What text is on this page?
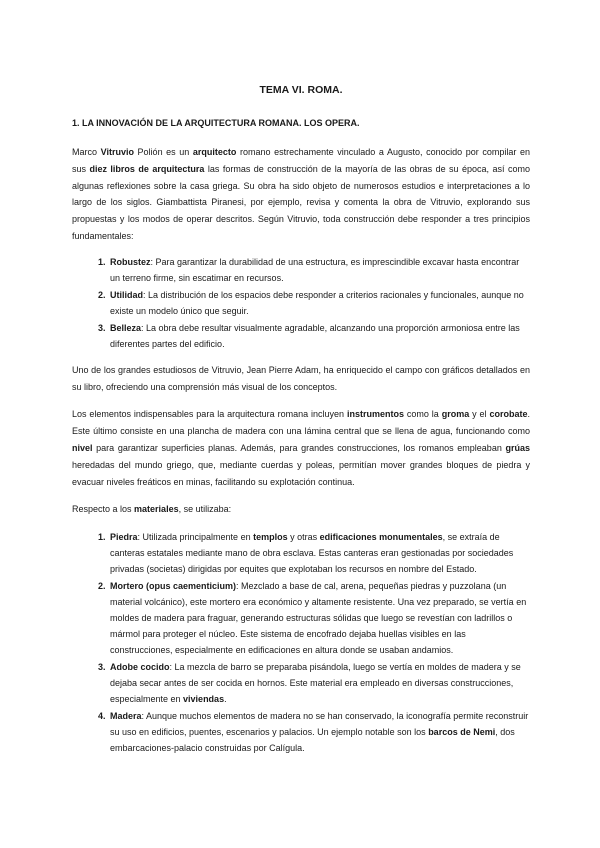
TEMA VI. ROMA.
1. LA INNOVACIÓN DE LA ARQUITECTURA ROMANA. LOS OPERA.

Marco Vitruvio Polión es un arquitecto romano estrechamente vinculado a Augusto, conocido por compilar en sus diez libros de arquitectura las formas de construcción de la mayoría de las obras de su época, así como algunas reflexiones sobre la casa griega. Su obra ha sido objeto de numerosos estudios e interpretaciones a lo largo de los siglos. Giambattista Piranesi, por ejemplo, revisa y comenta la obra de Vitruvio, explorando sus propuestas y los modos de operar descritos. Según Vitruvio, toda construcción debe responder a tres principios fundamentales:

1. Robustez: Para garantizar la durabilidad de una estructura, es imprescindible excavar hasta encontrar un terreno firme, sin escatimar en recursos.
2. Utilidad: La distribución de los espacios debe responder a criterios racionales y funcionales, aunque no existe un modelo único que seguir.
3. Belleza: La obra debe resultar visualmente agradable, alcanzando una proporción armoniosa entre las diferentes partes del edificio.

Uno de los grandes estudiosos de Vitruvio, Jean Pierre Adam, ha enriquecido el campo con gráficos detallados en su libro, ofreciendo una comprensión más visual de los conceptos.

Los elementos indispensables para la arquitectura romana incluyen instrumentos como la groma y el corobate. Este último consiste en una plancha de madera con una lámina central que se llena de agua, funcionando como nivel para garantizar superficies planas. Además, para grandes construcciones, los romanos empleaban grúas heredadas del mundo griego, que, mediante cuerdas y poleas, permitían mover grandes bloques de piedra y evacuar niveles freáticos en minas, facilitando su explotación continua.

Respecto a los materiales, se utilizaba:

1. Piedra: Utilizada principalmente en templos y otras edificaciones monumentales, se extraía de canteras estatales mediante mano de obra esclava. Estas canteras eran gestionadas por sociedades privadas (societas) dirigidas por equites que explotaban los recursos en nombre del Estado.
2. Mortero (opus caementicium): Mezclado a base de cal, arena, pequeñas piedras y puzzolana (un material volcánico), este mortero era económico y altamente resistente. Una vez preparado, se vertía en moldes de madera para fraguar, generando estructuras sólidas que luego se revestían con ladrillos o mármol para proteger el núcleo. Este sistema de encofrado dejaba huellas visibles en las construcciones, especialmente en edificaciones en altura donde se usaban andamios.
3. Adobe cocido: La mezcla de barro se preparaba pisándola, luego se vertía en moldes de madera y se dejaba secar antes de ser cocida en hornos. Este material era empleado en diversas construcciones, especialmente en viviendas.
4. Madera: Aunque muchos elementos de madera no se han conservado, la iconografía permite reconstruir su uso en edificios, puentes, escenarios y palacios. Un ejemplo notable son los barcos de Nemi, dos embarcaciones-palacio construidas por Calígula.
